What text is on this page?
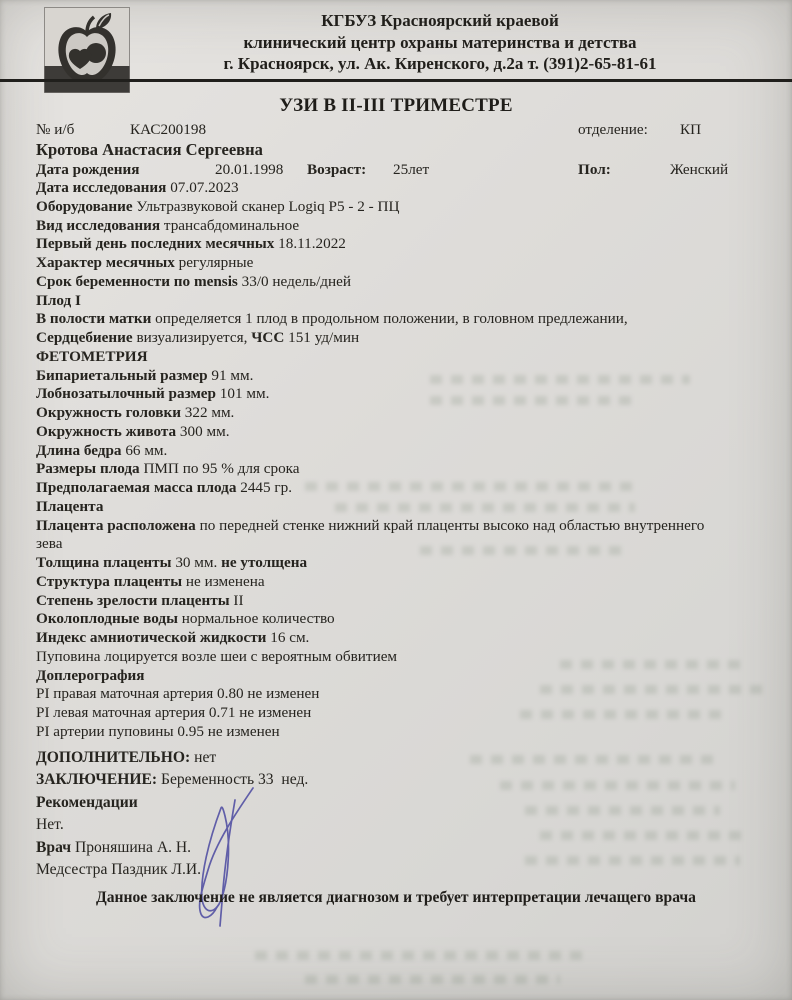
КГБУЗ Красноярский краевой
клинический центр охраны материнства и детства
г. Красноярск, ул. Ак. Киренского, д.2а т. (391)2-65-81-61
УЗИ В II-III ТРИМЕСТРЕ
№ и/б	КАС200198	отделение: КП
Кротова Анастасия Сергеевна
Дата рождения	20.01.1998 Возраст: 25лет	Пол:	Женский
Дата исследования 07.07.2023
Оборудование Ультразвуковой сканер Logiq P5 - 2 - ПЦ
Вид исследования трансабдоминальное
Первый день последних месячных 18.11.2022
Характер месячных регулярные
Срок беременности по mensis 33/0 недель/дней
Плод I
В полости матки определяется 1 плод в продольном положении, в головном предлежании,
Сердцебиение визуализируется, ЧСС 151 уд/мин
ФЕТОМЕТРИЯ
Бипариетальный размер 91 мм.
Лобнозатылочный размер 101 мм.
Окружность головки 322 мм.
Окружность живота 300 мм.
Длина бедра 66 мм.
Размеры плода ПМП по 95 % для срока
Предполагаемая масса плода 2445 гр.
Плацента
Плацента расположена по передней стенке нижний край плаценты высоко над областью внутреннего
зева
Толщина плаценты 30 мм. не утолщена
Структура плаценты не изменена
Степень зрелости плаценты II
Околоплодные воды нормальное количество
Индекс амниотической жидкости 16 см.
Пуповина лоцируется возле шеи с вероятным обвитием
Доплерография
PI правая маточная артерия 0.80 не изменен
PI левая маточная артерия 0.71 не изменен
PI артерии пуповины 0.95 не изменен
ДОПОЛНИТЕЛЬНО: нет
ЗАКЛЮЧЕНИЕ: Беременность 33  нед.
Рекомендации
Нет.
Врач Проняшина А. Н.
Медсестра Паздник Л.И.
Данное заключение не является диагнозом и требует интерпретации лечащего врача
